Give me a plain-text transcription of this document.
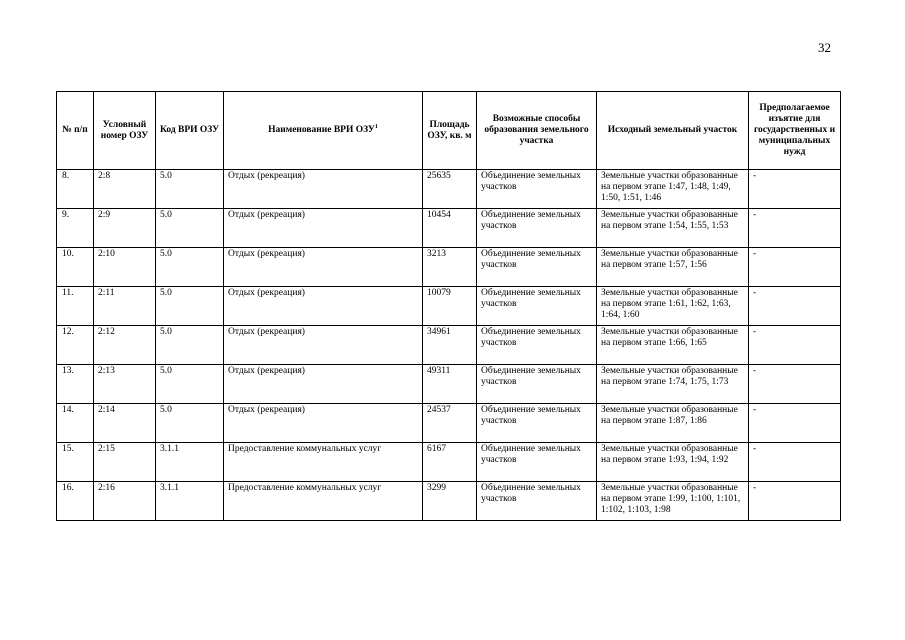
32
№ п/п	Условный номер ОЗУ	Код ВРИ ОЗУ	Наименование ВРИ ОЗУ$^1$	Площадь ОЗУ, кв. м	Возможные способы образования земельного участка	Исходный земельный участок	Предполагаемое изъятие для государственных и муниципальных нужд
8.	2:8	5.0	Отдых (рекреация)	25635	Объединение земельных участков	Земельные участки образованные на первом этапе 1:47, 1:48, 1:49, 1:50, 1:51, 1:46	-
9.	2:9	5.0	Отдых (рекреация)	10454	Объединение земельных участков	Земельные участки образованные на первом этапе 1:54, 1:55, 1:53	-
10.	2:10	5.0	Отдых (рекреация)	3213	Объединение земельных участков	Земельные участки образованные на первом этапе 1:57, 1:56	-
11.	2:11	5.0	Отдых (рекреация)	10079	Объединение земельных участков	Земельные участки образованные на первом этапе 1:61, 1:62, 1:63, 1:64, 1:60	-
12.	2:12	5.0	Отдых (рекреация)	34961	Объединение земельных участков	Земельные участки образованные на первом этапе 1:66, 1:65	-
13.	2:13	5.0	Отдых (рекреация)	49311	Объединение земельных участков	Земельные участки образованные на первом этапе 1:74, 1:75, 1:73	-
14.	2:14	5.0	Отдых (рекреация)	24537	Объединение земельных участков	Земельные участки образованные на первом этапе 1:87, 1:86	-
15.	2:15	3.1.1	Предоставление коммунальных услуг	6167	Объединение земельных участков	Земельные участки образованные на первом этапе 1:93, 1:94, 1:92	-
16.	2:16	3.1.1	Предоставление коммунальных услуг	3299	Объединение земельных участков	Земельные участки образованные на первом этапе 1:99, 1:100, 1:101, 1:102, 1:103, 1:98	-
